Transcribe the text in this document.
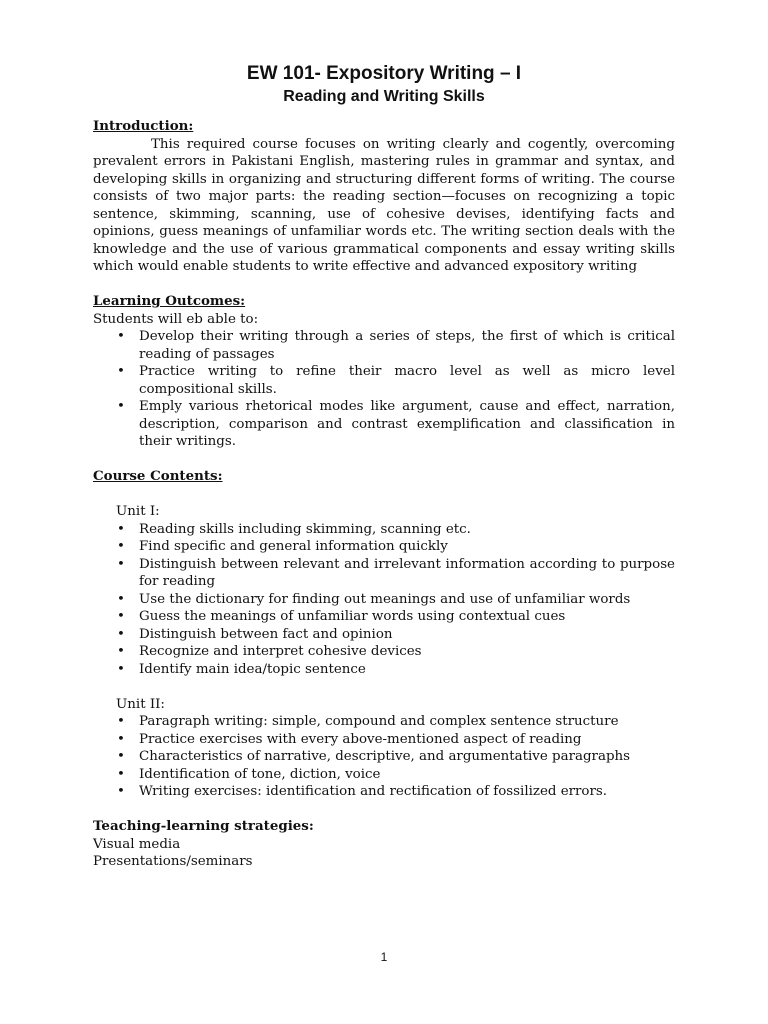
EW 101- Expository Writing – I
Reading and Writing Skills
Introduction:

This required course focuses on writing clearly and cogently, overcoming prevalent errors in Pakistani English, mastering rules in grammar and syntax, and developing skills in organizing and structuring different forms of writing. The course consists of two major parts: the reading section—focuses on recognizing a topic sentence, skimming, scanning, use of cohesive devises, identifying facts and opinions, guess meanings of unfamiliar words etc. The writing section deals with the knowledge and the use of various grammatical components and essay writing skills which would enable students to write effective and advanced expository writing

Learning Outcomes:
Students will eb able to:
• Develop their writing through a series of steps, the first of which is critical reading of passages
• Practice writing to refine their macro level as well as micro level compositional skills.
• Emply various rhetorical modes like argument, cause and effect, narration, description, comparison and contrast exemplification and classification in their writings.
Course Contents:
Unit I:
• Reading skills including skimming, scanning etc.
• Find specific and general information quickly
• Distinguish between relevant and irrelevant information according to purpose for reading
• Use the dictionary for finding out meanings and use of unfamiliar words
• Guess the meanings of unfamiliar words using contextual cues
• Distinguish between fact and opinion
• Recognize and interpret cohesive devices
• Identify main idea/topic sentence
Unit II:
• Paragraph writing: simple, compound and complex sentence structure
• Practice exercises with every above-mentioned aspect of reading
• Characteristics of narrative, descriptive, and argumentative paragraphs
• Identification of tone, diction, voice
• Writing exercises: identification and rectification of fossilized errors.
Teaching-learning strategies:
Visual media
Presentations/seminars
1
